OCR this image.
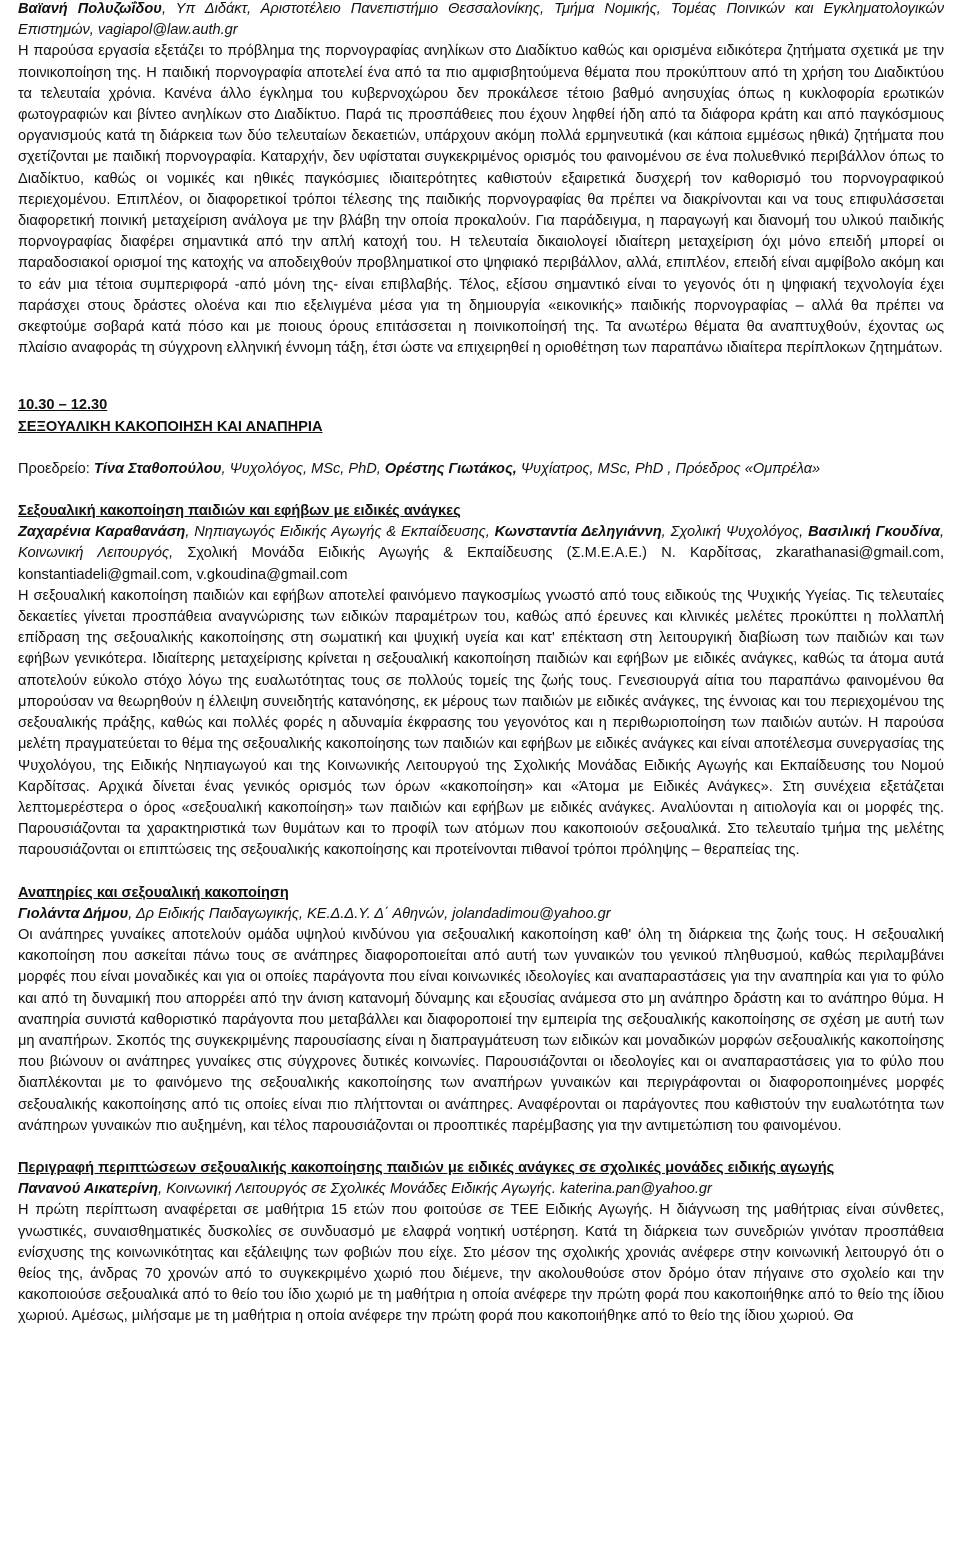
Βαϊανή Πολυζωΐδου, Υπ Διδάκτ, Αριστοτέλειο Πανεπιστήμιο Θεσσαλονίκης, Τμήμα Νομικής, Τομέας Ποινικών και Εγκληματολογικών Επιστημών, vagiapol@law.auth.gr

Η παρούσα εργασία εξετάζει το πρόβλημα της πορνογραφίας ανηλίκων στο Διαδίκτυο καθώς και ορισμένα ειδικότερα ζητήματα σχετικά με την ποινικοποίηση της. Η παιδική πορνογραφία αποτελεί ένα από τα πιο αμφισβητούμενα θέματα που προκύπτουν από τη χρήση του Διαδικτύου τα τελευταία χρόνια. Κανένα άλλο έγκλημα του κυβερνοχώρου δεν προκάλεσε τέτοιο βαθμό ανησυχίας όπως η κυκλοφορία ερωτικών φωτογραφιών και βίντεο ανηλίκων στο Διαδίκτυο. Παρά τις προσπάθειες που έχουν ληφθεί ήδη από τα διάφορα κράτη και από παγκόσμιους οργανισμούς κατά τη διάρκεια των δύο τελευταίων δεκαετιών, υπάρχουν ακόμη πολλά ερμηνευτικά (και κάποια εμμέσως ηθικά) ζητήματα που σχετίζονται με παιδική πορνογραφία. Καταρχήν, δεν υφίσταται συγκεκριμένος ορισμός του φαινομένου σε ένα πολυεθνικό περιβάλλον όπως το Διαδίκτυο, καθώς οι νομικές και ηθικές παγκόσμιες ιδιαιτερότητες καθιστούν εξαιρετικά δυσχερή τον καθορισμό του πορνογραφικού περιεχομένου. Επιπλέον, οι διαφορετικοί τρόποι τέλεσης της παιδικής πορνογραφίας θα πρέπει να διακρίνονται και να τους επιφυλάσσεται διαφορετική ποινική μεταχείριση ανάλογα με την βλάβη την οποία προκαλούν. Για παράδειγμα, η παραγωγή και διανομή του υλικού παιδικής πορνογραφίας διαφέρει σημαντικά από την απλή κατοχή του. Η τελευταία δικαιολογεί ιδιαίτερη μεταχείριση όχι μόνο επειδή μπορεί οι παραδοσιακοί ορισμοί της κατοχής να αποδειχθούν προβληματικοί στο ψηφιακό περιβάλλον, αλλά, επιπλέον, επειδή είναι αμφίβολο ακόμη και το εάν μια τέτοια συμπεριφορά -από μόνη της- είναι επιβλαβής. Τέλος, εξίσου σημαντικό είναι το γεγονός ότι η ψηφιακή τεχνολογία έχει παράσχει στους δράστες ολοένα και πιο εξελιγμένα μέσα για τη δημιουργία «εικονικής» παιδικής πορνογραφίας – αλλά θα πρέπει να σκεφτούμε σοβαρά κατά πόσο και με ποιους όρους επιτάσσεται η ποινικοποίησή της. Τα ανωτέρω θέματα θα αναπτυχθούν, έχοντας ως πλαίσιο αναφοράς τη σύγχρονη ελληνική έννομη τάξη, έτσι ώστε να επιχειρηθεί η οριοθέτηση των παραπάνω ιδιαίτερα περίπλοκων ζητημάτων.

10.30 – 12.30

ΣΕΞΟΥΑΛΙΚΗ ΚΑΚΟΠΟΙΗΣΗ ΚΑΙ ΑΝΑΠΗΡΙΑ

Προεδρείο: Τίνα Σταθοπούλου, Ψυχολόγος, MSc, PhD, Ορέστης Γιωτάκος, Ψυχίατρος, MSc, PhD , Πρόεδρος «Ομπρέλα»

Σεξουαλική κακοποίηση παιδιών και εφήβων με ειδικές ανάγκες

Ζαχαρένια Καραθανάση, Νηπιαγωγός Ειδικής Αγωγής & Εκπαίδευσης, Κωνσταντία Δεληγιάννη, Σχολική Ψυχολόγος, Βασιλική Γκουδίνα, Κοινωνική Λειτουργός, Σχολική Μονάδα Ειδικής Αγωγής & Εκπαίδευσης (Σ.Μ.Ε.Α.Ε.) Ν. Καρδίτσας, zkarathanasi@gmail.com, konstantiadeli@gmail.com, v.gkoudina@gmail.com

Η σεξουαλική κακοποίηση παιδιών και εφήβων αποτελεί φαινόμενο παγκοσμίως γνωστό από τους ειδικούς της Ψυχικής Υγείας. Τις τελευταίες δεκαετίες γίνεται προσπάθεια αναγνώρισης των ειδικών παραμέτρων του, καθώς από έρευνες και κλινικές μελέτες προκύπτει η πολλαπλή επίδραση της σεξουαλικής κακοποίησης στη σωματική και ψυχική υγεία και κατ' επέκταση στη λειτουργική διαβίωση των παιδιών και των εφήβων γενικότερα. Ιδιαίτερης μεταχείρισης κρίνεται η σεξουαλική κακοποίηση παιδιών και εφήβων με ειδικές ανάγκες, καθώς τα άτομα αυτά αποτελούν εύκολο στόχο λόγω της ευαλωτότητας τους σε πολλούς τομείς της ζωής τους. Γενεσιουργά αίτια του παραπάνω φαινομένου θα μπορούσαν να θεωρηθούν η έλλειψη συνειδητής κατανόησης, εκ μέρους των παιδιών με ειδικές ανάγκες, της έννοιας και του περιεχομένου της σεξουαλικής πράξης, καθώς και πολλές φορές η αδυναμία έκφρασης του γεγονότος και η περιθωριοποίηση των παιδιών αυτών. Η παρούσα μελέτη πραγματεύεται το θέμα της σεξουαλικής κακοποίησης των παιδιών και εφήβων με ειδικές ανάγκες και είναι αποτέλεσμα συνεργασίας της Ψυχολόγου, της Ειδικής Νηπιαγωγού και της Κοινωνικής Λειτουργού της Σχολικής Μονάδας Ειδικής Αγωγής και Εκπαίδευσης του Νομού Καρδίτσας. Αρχικά δίνεται ένας γενικός ορισμός των όρων «κακοποίηση» και «Άτομα με Ειδικές Ανάγκες». Στη συνέχεια εξετάζεται λεπτομερέστερα ο όρος «σεξουαλική κακοποίηση» των παιδιών και εφήβων με ειδικές ανάγκες. Αναλύονται η αιτιολογία και οι μορφές της. Παρουσιάζονται τα χαρακτηριστικά των θυμάτων και το προφίλ των ατόμων που κακοποιούν σεξουαλικά. Στο τελευταίο τμήμα της μελέτης παρουσιάζονται οι επιπτώσεις της σεξουαλικής κακοποίησης και προτείνονται πιθανοί τρόποι πρόληψης – θεραπείας της.

Αναπηρίες και σεξουαλική κακοποίηση

Γιολάντα Δήμου, Δρ Ειδικής Παιδαγωγικής, ΚΕ.Δ.Δ.Υ. Δ΄ Αθηνών, jolandadimou@yahoo.gr

Οι ανάπηρες γυναίκες αποτελούν ομάδα υψηλού κινδύνου για σεξουαλική κακοποίηση καθ' όλη τη διάρκεια της ζωής τους. Η σεξουαλική κακοποίηση που ασκείται πάνω τους σε ανάπηρες διαφοροποιείται από αυτή των γυναικών του γενικού πληθυσμού, καθώς περιλαμβάνει μορφές που είναι μοναδικές και για οι οποίες παράγοντα που είναι κοινωνικές ιδεολογίες και αναπαραστάσεις για την αναπηρία και για το φύλο και από τη δυναμική που απορρέει από την άνιση κατανομή δύναμης και εξουσίας ανάμεσα στο μη ανάπηρο δράστη και το ανάπηρο θύμα. Η αναπηρία συνιστά καθοριστικό παράγοντα που μεταβάλλει και διαφοροποιεί την εμπειρία της σεξουαλικής κακοποίησης σε σχέση με αυτή των μη αναπήρων. Σκοπός της συγκεκριμένης παρουσίασης είναι η διαπραγμάτευση των ειδικών και μοναδικών μορφών σεξουαλικής κακοποίησης που βιώνουν οι ανάπηρες γυναίκες στις σύγχρονες δυτικές κοινωνίες. Παρουσιάζονται οι ιδεολογίες και οι αναπαραστάσεις για το φύλο που διαπλέκονται με το φαινόμενο της σεξουαλικής κακοποίησης των αναπήρων γυναικών και περιγράφονται οι διαφοροποιημένες μορφές σεξουαλικής κακοποίησης από τις οποίες είναι πιο πλήττονται οι ανάπηρες. Αναφέρονται οι παράγοντες που καθιστούν την ευαλωτότητα των ανάπηρων γυναικών πιο αυξημένη, και τέλος παρουσιάζονται οι προοπτικές παρέμβασης για την αντιμετώπιση του φαινομένου.

Περιγραφή περιπτώσεων σεξουαλικής κακοποίησης παιδιών με ειδικές ανάγκες σε σχολικές μονάδες ειδικής αγωγής

Πανανού Αικατερίνη, Κοινωνική Λειτουργός σε Σχολικές Μονάδες Ειδικής Αγωγής. katerina.pan@yahoo.gr

Η πρώτη περίπτωση αναφέρεται σε μαθήτρια 15 ετών που φοιτούσε σε ΤΕΕ Ειδικής Αγωγής. Η διάγνωση της μαθήτριας είναι σύνθετες, γνωστικές, συναισθηματικές δυσκολίες σε συνδυασμό με ελαφρά νοητική υστέρηση. Κατά τη διάρκεια των συνεδριών γινόταν προσπάθεια ενίσχυσης της κοινωνικότητας και εξάλειψης των φοβιών που είχε. Στο μέσον της σχολικής χρονιάς ανέφερε στην κοινωνική λειτουργό ότι ο θείος της, άνδρας 70 χρονών από το συγκεκριμένο χωριό που διέμενε, την ακολουθούσε στον δρόμο όταν πήγαινε στο σχολείο και την κακοποιούσε σεξουαλικά από το θείο του ίδιο χωριό με τη μαθήτρια η οποία ανέφερε την πρώτη φορά που κακοποιήθηκε από το θείο της ίδιου χωριού. Αμέσως, μιλήσαμε με τη μαθήτρια η οποία ανέφερε την πρώτη φορά που κακοποιήθηκε από το θείο της ίδιου χωριού. Θα
